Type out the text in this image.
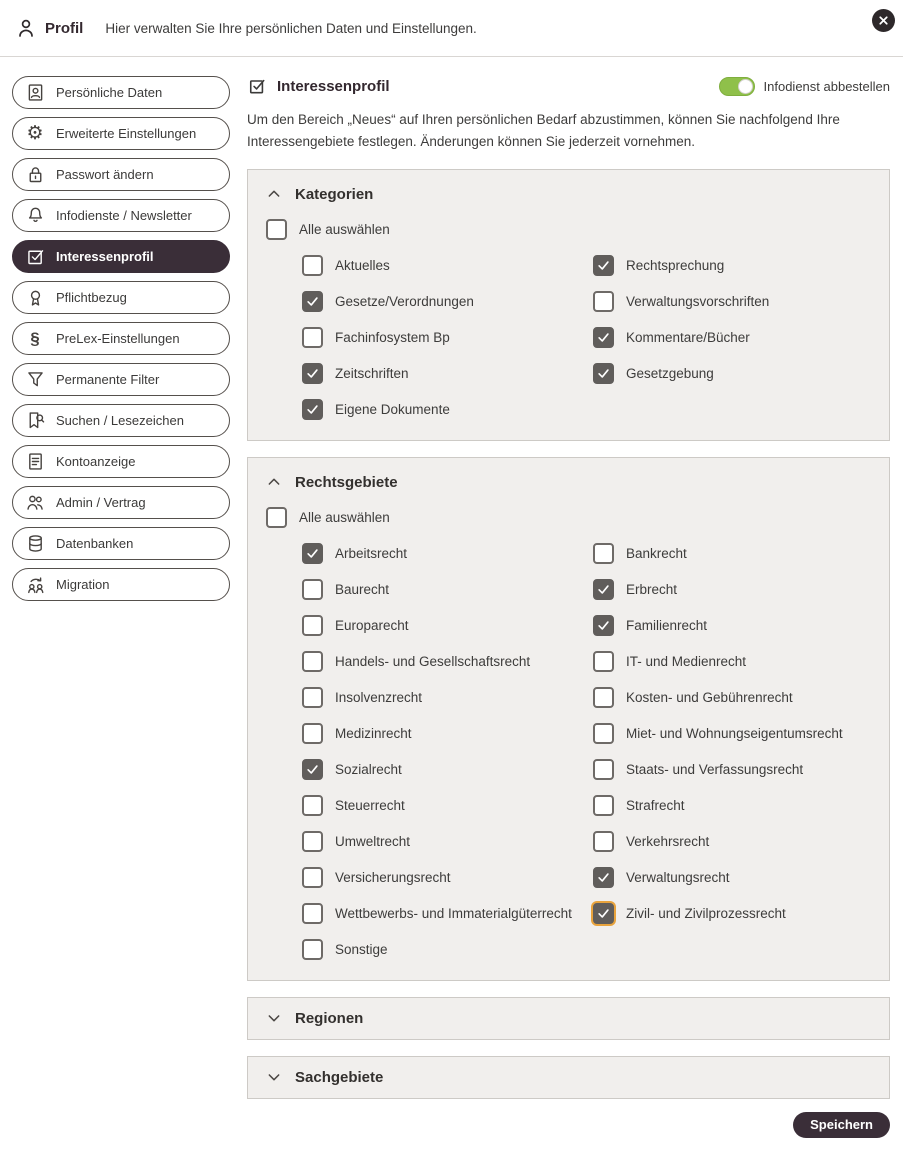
Profil Hier verwalten Sie Ihre persönlichen Daten und Einstellungen.
Persönliche Daten
⚙ Erweiterte Einstellungen
Passwort ändern
Infodienste / Newsletter
Interessenprofil
Pflichtbezug
§ PreLex-Einstellungen
Permanente Filter
Suchen / Lesezeichen
Kontoanzeige
Admin / Vertrag
Datenbanken
Migration
Interessenprofil	Infodienst abbestellen

Um den Bereich „Neues“ auf Ihren persönlichen Bedarf abzustimmen, können Sie nachfolgend Ihre Interessengebiete festlegen. Änderungen können Sie jederzeit vornehmen.

Kategorien
Alle auswählen
Aktuelles
Gesetze/Verordnungen
Fachinfosystem Bp
Zeitschriften
Eigene Dokumente
Rechtsprechung
Verwaltungsvorschriften
Kommentare/Bücher
Gesetzgebung
Rechtsgebiete
Alle auswählen
Arbeitsrecht
Baurecht
Europarecht
Handels- und Gesellschaftsrecht
Insolvenzrecht
Medizinrecht
Sozialrecht
Steuerrecht
Umweltrecht
Versicherungsrecht
Wettbewerbs- und Immaterialgüterrecht
Sonstige
Bankrecht
Erbrecht
Familienrecht
IT- und Medienrecht
Kosten- und Gebührenrecht
Miet- und Wohnungseigentumsrecht
Staats- und Verfassungsrecht
Strafrecht
Verkehrsrecht
Verwaltungsrecht
Zivil- und Zivilprozessrecht
Regionen
Sachgebiete
Speichern
